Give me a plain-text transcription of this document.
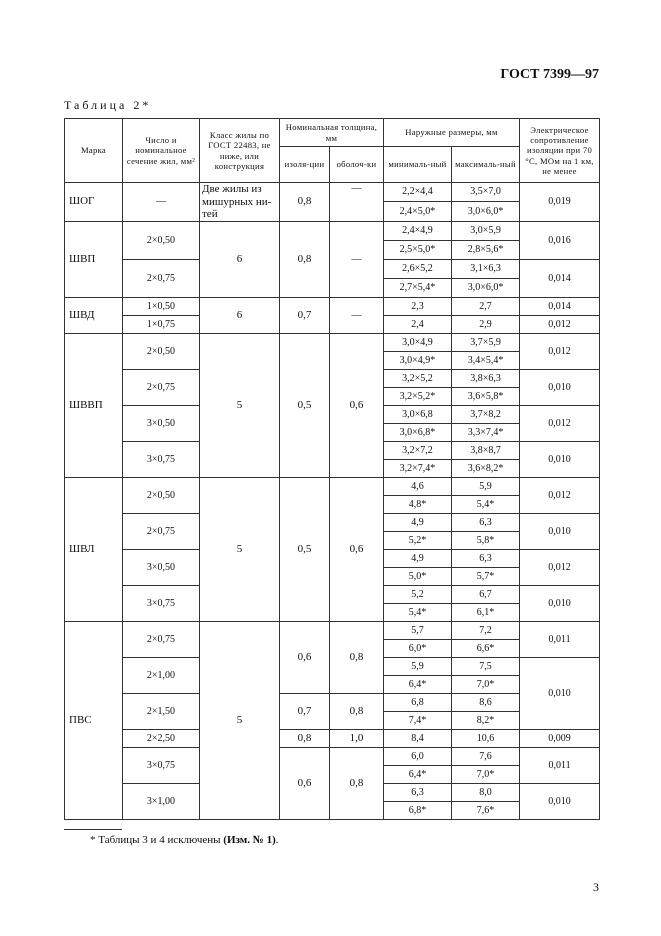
ГОСТ 7399—97
Таблица 2*
Марка	Число и номинальное сечение жил, мм²	Класс жилы по ГОСТ 22483, не ниже, или конструкция	Номинальная толщина, мм		Наружные размеры, мм		Электрическое сопротивление изоляции при 70 °С, МОм на 1 км, не менее
			изоля-ции	оболоч-ки	минималь-ный	максималь-ный	
ШОГ	—	Две жилы из мишурных ни-тей	0,8	—	2,2×4,4	3,5×7,0	0,019
					2,4×5,0*	3,0×6,0*	
ШВП	2×0,50	6	0,8	—	2,4×4,9	3,0×5,9	0,016
					2,5×5,0*	2,8×5,6*	
	2×0,75				2,6×5,2	3,1×6,3	0,014
					2,7×5,4*	3,0×6,0*	
ШВД	1×0,50	6	0,7	—	2,3	2,7	0,014
	1×0,75				2,4	2,9	0,012
ШВВП	2×0,50	5	0,5	0,6	3,0×4,9	3,7×5,9	0,012
					3,0×4,9*	3,4×5,4*	
	2×0,75				3,2×5,2	3,8×6,3	0,010
					3,2×5,2*	3,6×5,8*	
	3×0,50				3,0×6,8	3,7×8,2	0,012
					3,0×6,8*	3,3×7,4*	
	3×0,75				3,2×7,2	3,8×8,7	0,010
					3,2×7,4*	3,6×8,2*	
ШВЛ	2×0,50	5	0,5	0,6	4,6	5,9	0,012
					4,8*	5,4*	
	2×0,75				4,9	6,3	0,010
					5,2*	5,8*	
	3×0,50				4,9	6,3	0,012
					5,0*	5,7*	
	3×0,75				5,2	6,7	0,010
					5,4*	6,1*	
ПВС	2×0,75	5	0,6	0,8	5,7	7,2	0,011
					6,0*	6,6*	
	2×1,00				5,9	7,5	0,010
					6,4*	7,0*	
	2×1,50		0,7	0,8	6,8	8,6	
					7,4*	8,2*	
	2×2,50		0,8	1,0	8,4	10,6	0,009
	3×0,75		0,6	0,8	6,0	7,6	0,011
					6,4*	7,0*	
	3×1,00				6,3	8,0	0,010
					6,8*	7,6*	
* Таблицы 3 и 4 исключены (Изм. № 1).
3
